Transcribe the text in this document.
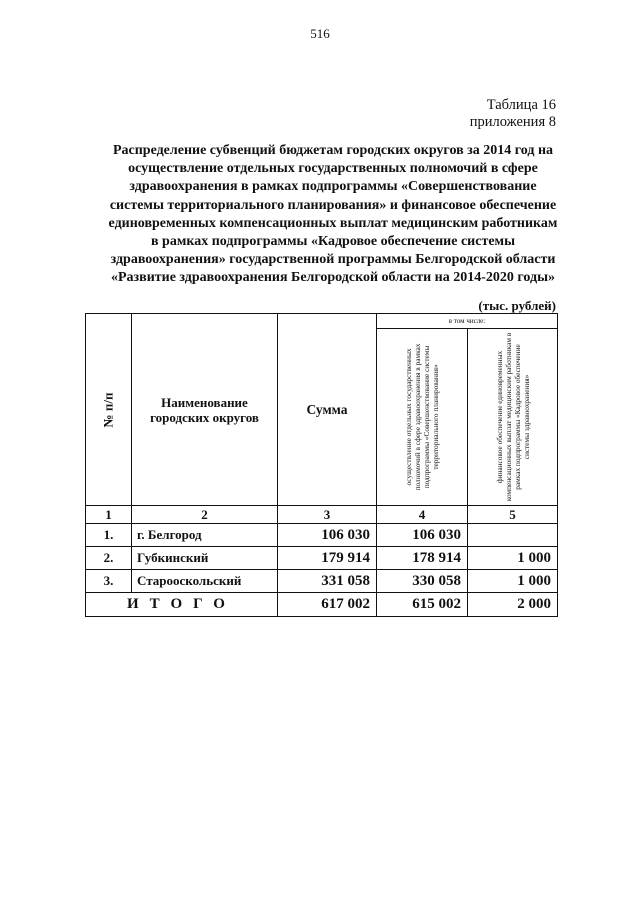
516
Таблица 16
приложения 8
Распределение субвенций бюджетам городских округов за 2014 год на
осуществление отдельных государственных полномочий в сфере
здравоохранения в рамках подпрограммы «Совершенствование
системы территориального планирования» и финансовое обеспечение
единовременных компенсационных выплат медицинским работникам
в рамках подпрограммы «Кадровое обеспечение системы
здравоохранения» государственной программы Белгородской области
«Развитие здравоохранения Белгородской области на 2014-2020 годы»
(тыс. рублей)
№ п/п	Наименование
городских округов	Сумма	в том числе:	

			осуществление отдельных государственных полномочий в сфере здравоохранения в рамках подпрограммы «Совершенствование системы территориального планирования»	финансовое обеспечение единовременных компенсационных выплат медицинским работникам в рамках подпрограммы «Кадровое обеспечение системы здравоохранения»

1	2	3	4	5
1.	г. Белгород	106 030	106 030	
2.	Губкинский	179 914	178 914	1 000
3.	Старооскольский	331 058	330 058	1 000
ИТОГО		617 002	615 002	2 000
